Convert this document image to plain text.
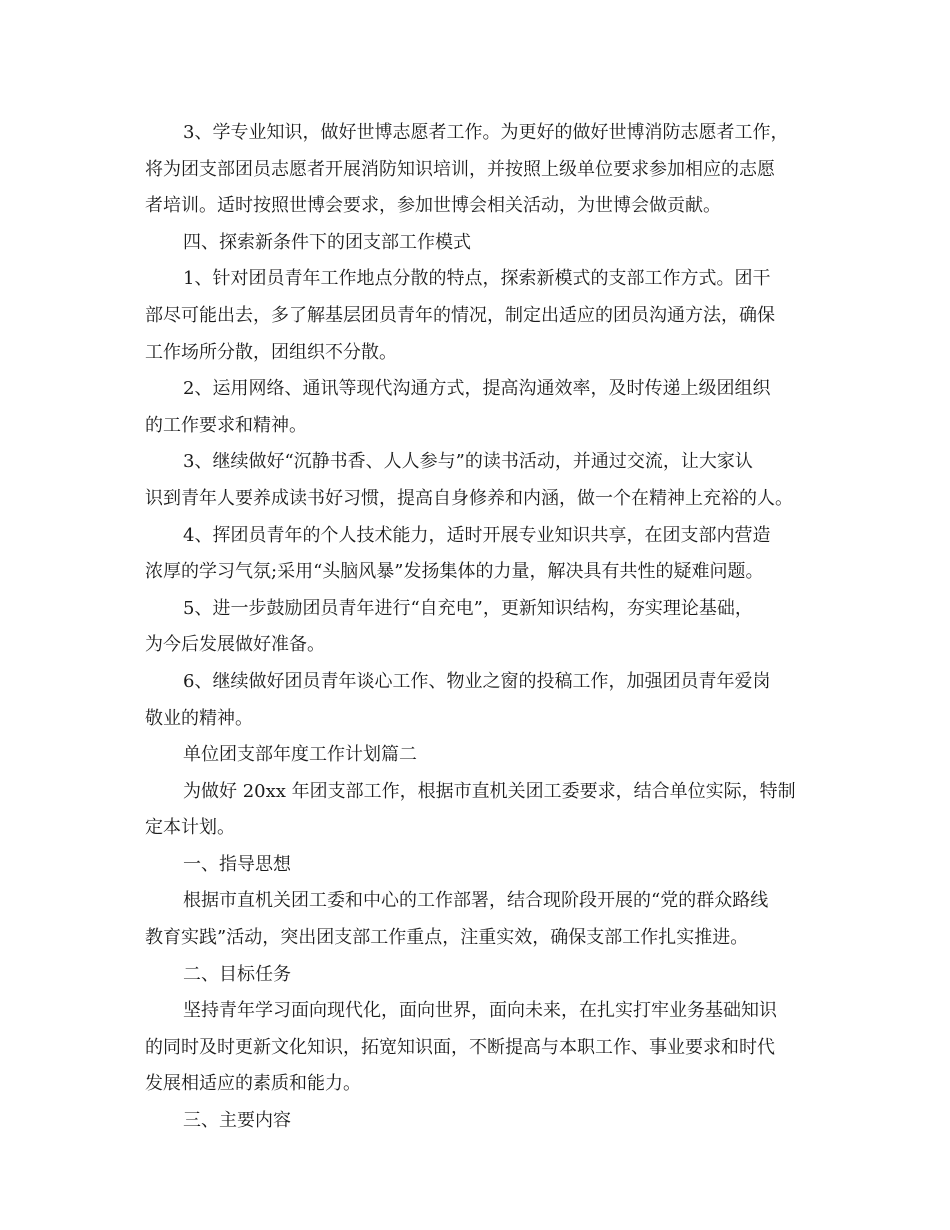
3、学专业知识，做好世博志愿者工作。为更好的做好世博消防志愿者工作，
将为团支部团员志愿者开展消防知识培训，并按照上级单位要求参加相应的志愿
者培训。适时按照世博会要求，参加世博会相关活动，为世博会做贡献。
四、探索新条件下的团支部工作模式
1、针对团员青年工作地点分散的特点，探索新模式的支部工作方式。团干
部尽可能出去，多了解基层团员青年的情况，制定出适应的团员沟通方法，确保
工作场所分散，团组织不分散。
2、运用网络、通讯等现代沟通方式，提高沟通效率，及时传递上级团组织
的工作要求和精神。
3、继续做好“沉静书香、人人参与”的读书活动，并通过交流，让大家认
识到青年人要养成读书好习惯，提高自身修养和内涵，做一个在精神上充裕的人。
4、挥团员青年的个人技术能力，适时开展专业知识共享，在团支部内营造
浓厚的学习气氛;采用“头脑风暴”发扬集体的力量，解决具有共性的疑难问题。
5、进一步鼓励团员青年进行“自充电”，更新知识结构，夯实理论基础，
为今后发展做好准备。
6、继续做好团员青年谈心工作、物业之窗的投稿工作，加强团员青年爱岗
敬业的精神。
单位团支部年度工作计划篇二
为做好 20xx 年团支部工作，根据市直机关团工委要求，结合单位实际，特制
定本计划。
一、指导思想
根据市直机关团工委和中心的工作部署，结合现阶段开展的“党的群众路线
教育实践”活动，突出团支部工作重点，注重实效，确保支部工作扎实推进。
二、目标任务
坚持青年学习面向现代化，面向世界，面向未来，在扎实打牢业务基础知识
的同时及时更新文化知识，拓宽知识面，不断提高与本职工作、事业要求和时代
发展相适应的素质和能力。
三、主要内容
